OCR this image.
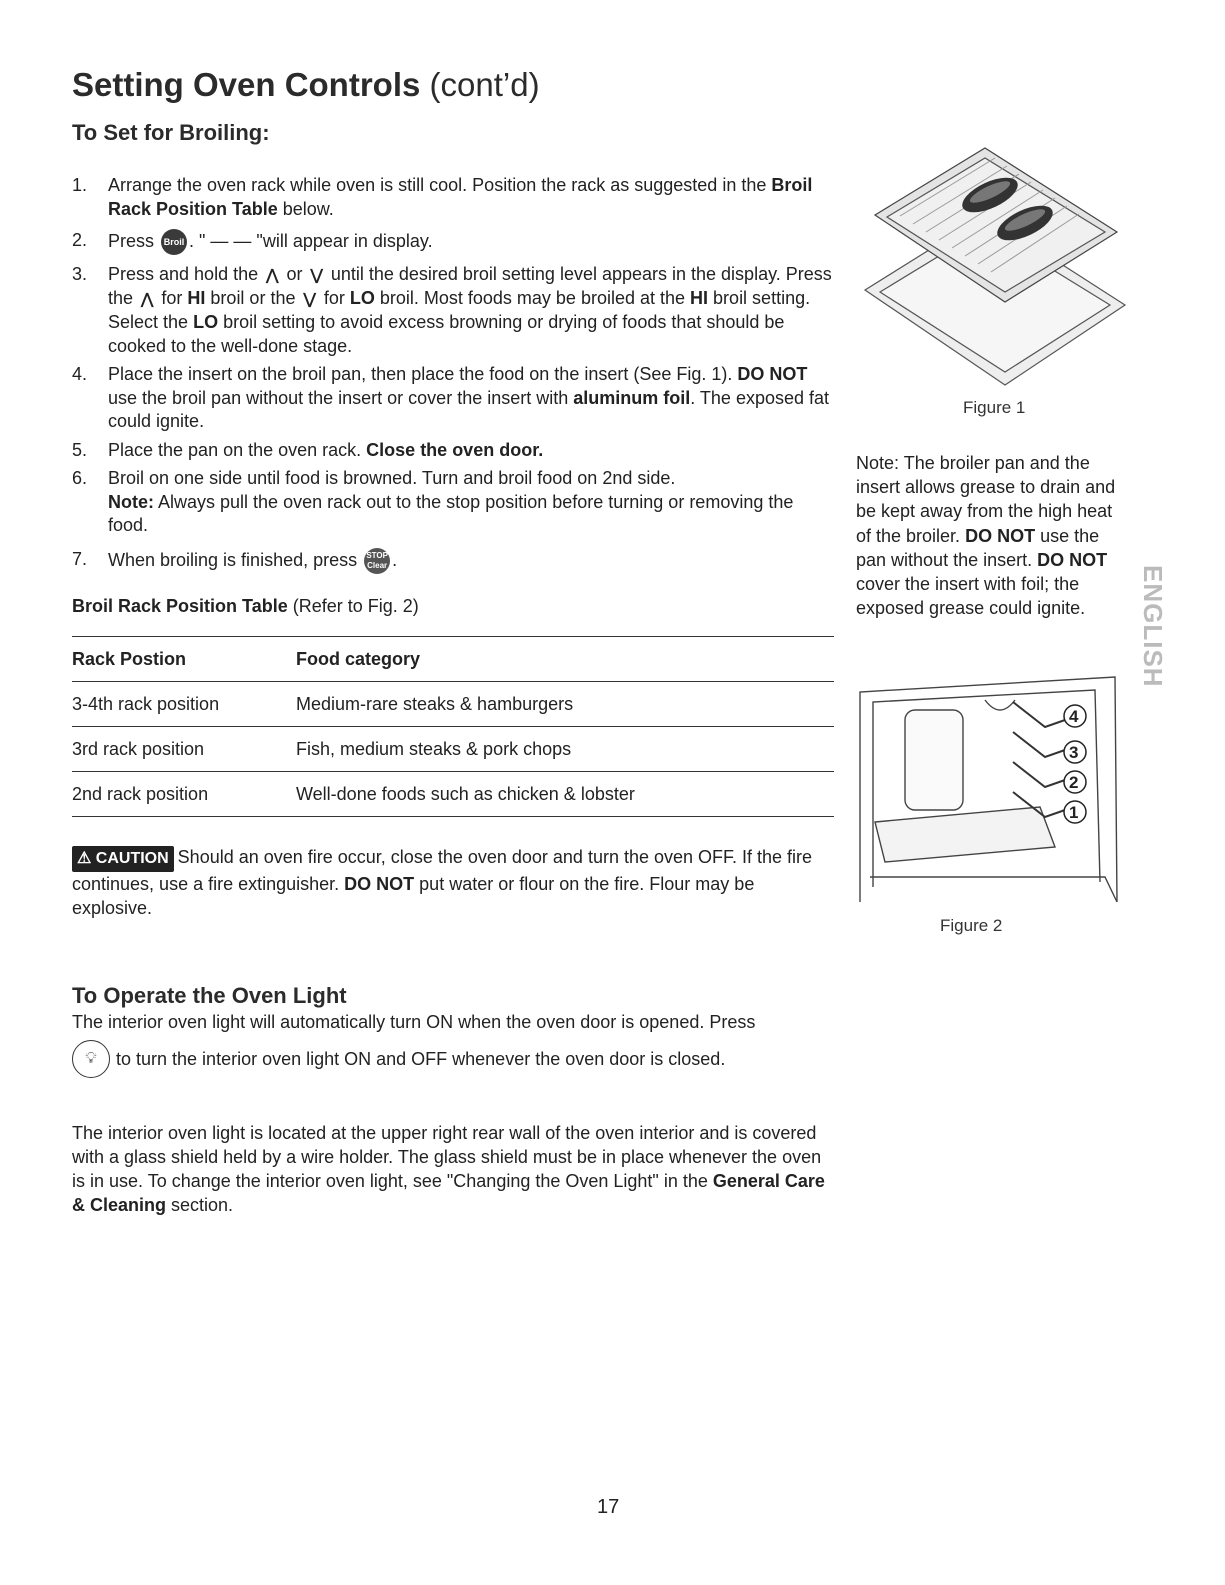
Setting Oven Controls (cont’d)
To Set for Broiling:
1. Arrange the oven rack while oven is still cool. Position the rack as suggested in the Broil Rack Position Table below.
2. Press Broil . " — — "will appear in display.
3. Press and hold the ⋀ or ⋁ until the desired broil setting level appears in the display. Press the ⋀ for HI broil or the ⋁ for LO broil. Most foods may be broiled at the HI broil setting. Select the LO broil setting to avoid excess browning or drying of foods that should be cooked to the well-done stage.
4. Place the insert on the broil pan, then place the food on the insert (See Fig. 1). DO NOT use the broil pan without the insert or cover the insert with aluminum foil. The exposed fat could ignite.
5. Place the pan on the oven rack. Close the oven door.
6. Broil on one side until food is browned. Turn and broil food on 2nd side.
Note: Always pull the oven rack out to the stop position before turning or removing the food.
7. When broiling is finished, press STOP Clear .
Broil Rack Position Table (Refer to Fig. 2)
Rack Postion	Food category
3-4th rack position	Medium-rare steaks & hamburgers
3rd rack position	Fish, medium steaks & pork chops
2nd rack position	Well-done foods such as chicken & lobster
⚠ CAUTION Should an oven fire occur, close the oven door and turn the oven OFF. If the fire continues, use a fire extinguisher. DO NOT put water or flour on the fire. Flour may be explosive.
To Operate the Oven Light
The interior oven light will automatically turn ON when the oven door is opened. Press
💡︎	to turn the interior oven light ON and OFF whenever the oven door is closed.
The interior oven light is located at the upper right rear wall of the oven interior and is covered with a glass shield held by a wire holder. The glass shield must be in place whenever the oven is in use. To change the interior oven light, see "Changing the Oven Light" in the General Care & Cleaning section.
Figure 1
Note: The broiler pan and the insert allows grease to drain and be kept away from the high heat of the broiler. DO NOT use the pan without the insert. DO NOT cover the insert with foil; the exposed grease could ignite.	ENGLISH
4
3
2
1
Figure 2
17
